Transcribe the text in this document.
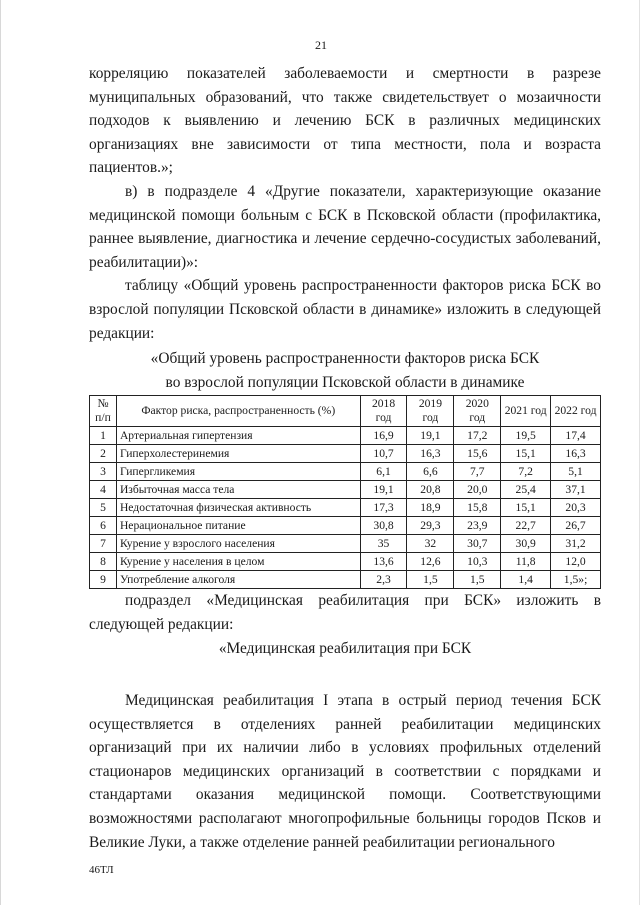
21

корреляцию показателей заболеваемости и смертности в разрезе муниципальных образований, что также свидетельствует о мозаичности подходов к выявлению и лечению БСК в различных медицинских организациях вне зависимости от типа местности, пола и возраста пациентов.»;

в) в подразделе 4 «Другие показатели, характеризующие оказание медицинской помощи больным с БСК в Псковской области (профилактика, раннее выявление, диагностика и лечение сердечно-сосудистых заболеваний, реабилитации)»:

таблицу «Общий уровень распространенности факторов риска БСК во взрослой популяции Псковской области в динамике» изложить в следующей редакции:

«Общий уровень распространенности факторов риска БСК

во взрослой популяции Псковской области в динамике

№ п/п	Фактор риска, распространенность (%)	2018 год	2019 год	2020 год	2021 год	2022 год
1	Артериальная гипертензия	16,9	19,1	17,2	19,5	17,4
2	Гиперхолестеринемия	10,7	16,3	15,6	15,1	16,3
3	Гипергликемия	6,1	6,6	7,7	7,2	5,1
4	Избыточная масса тела	19,1	20,8	20,0	25,4	37,1
5	Недостаточная физическая активность	17,3	18,9	15,8	15,1	20,3
6	Нерациональное питание	30,8	29,3	23,9	22,7	26,7
7	Курение у взрослого населения	35	32	30,7	30,9	31,2
8	Курение у населения в целом	13,6	12,6	10,3	11,8	12,0
9	Употребление алкоголя	2,3	1,5	1,5	1,4	1,5»;

подраздел «Медицинская реабилитация при БСК» изложить в следующей редакции:

«Медицинская реабилитация при БСК

Медицинская реабилитация I этапа в острый период течения БСК осуществляется в отделениях ранней реабилитации медицинских организаций при их наличии либо в условиях профильных отделений стационаров медицинских организаций в соответствии с порядками и стандартами оказания медицинской помощи. Соответствующими возможностями располагают многопрофильные больницы городов Псков и Великие Луки, а также отделение ранней реабилитации регионального

46ТЛ
